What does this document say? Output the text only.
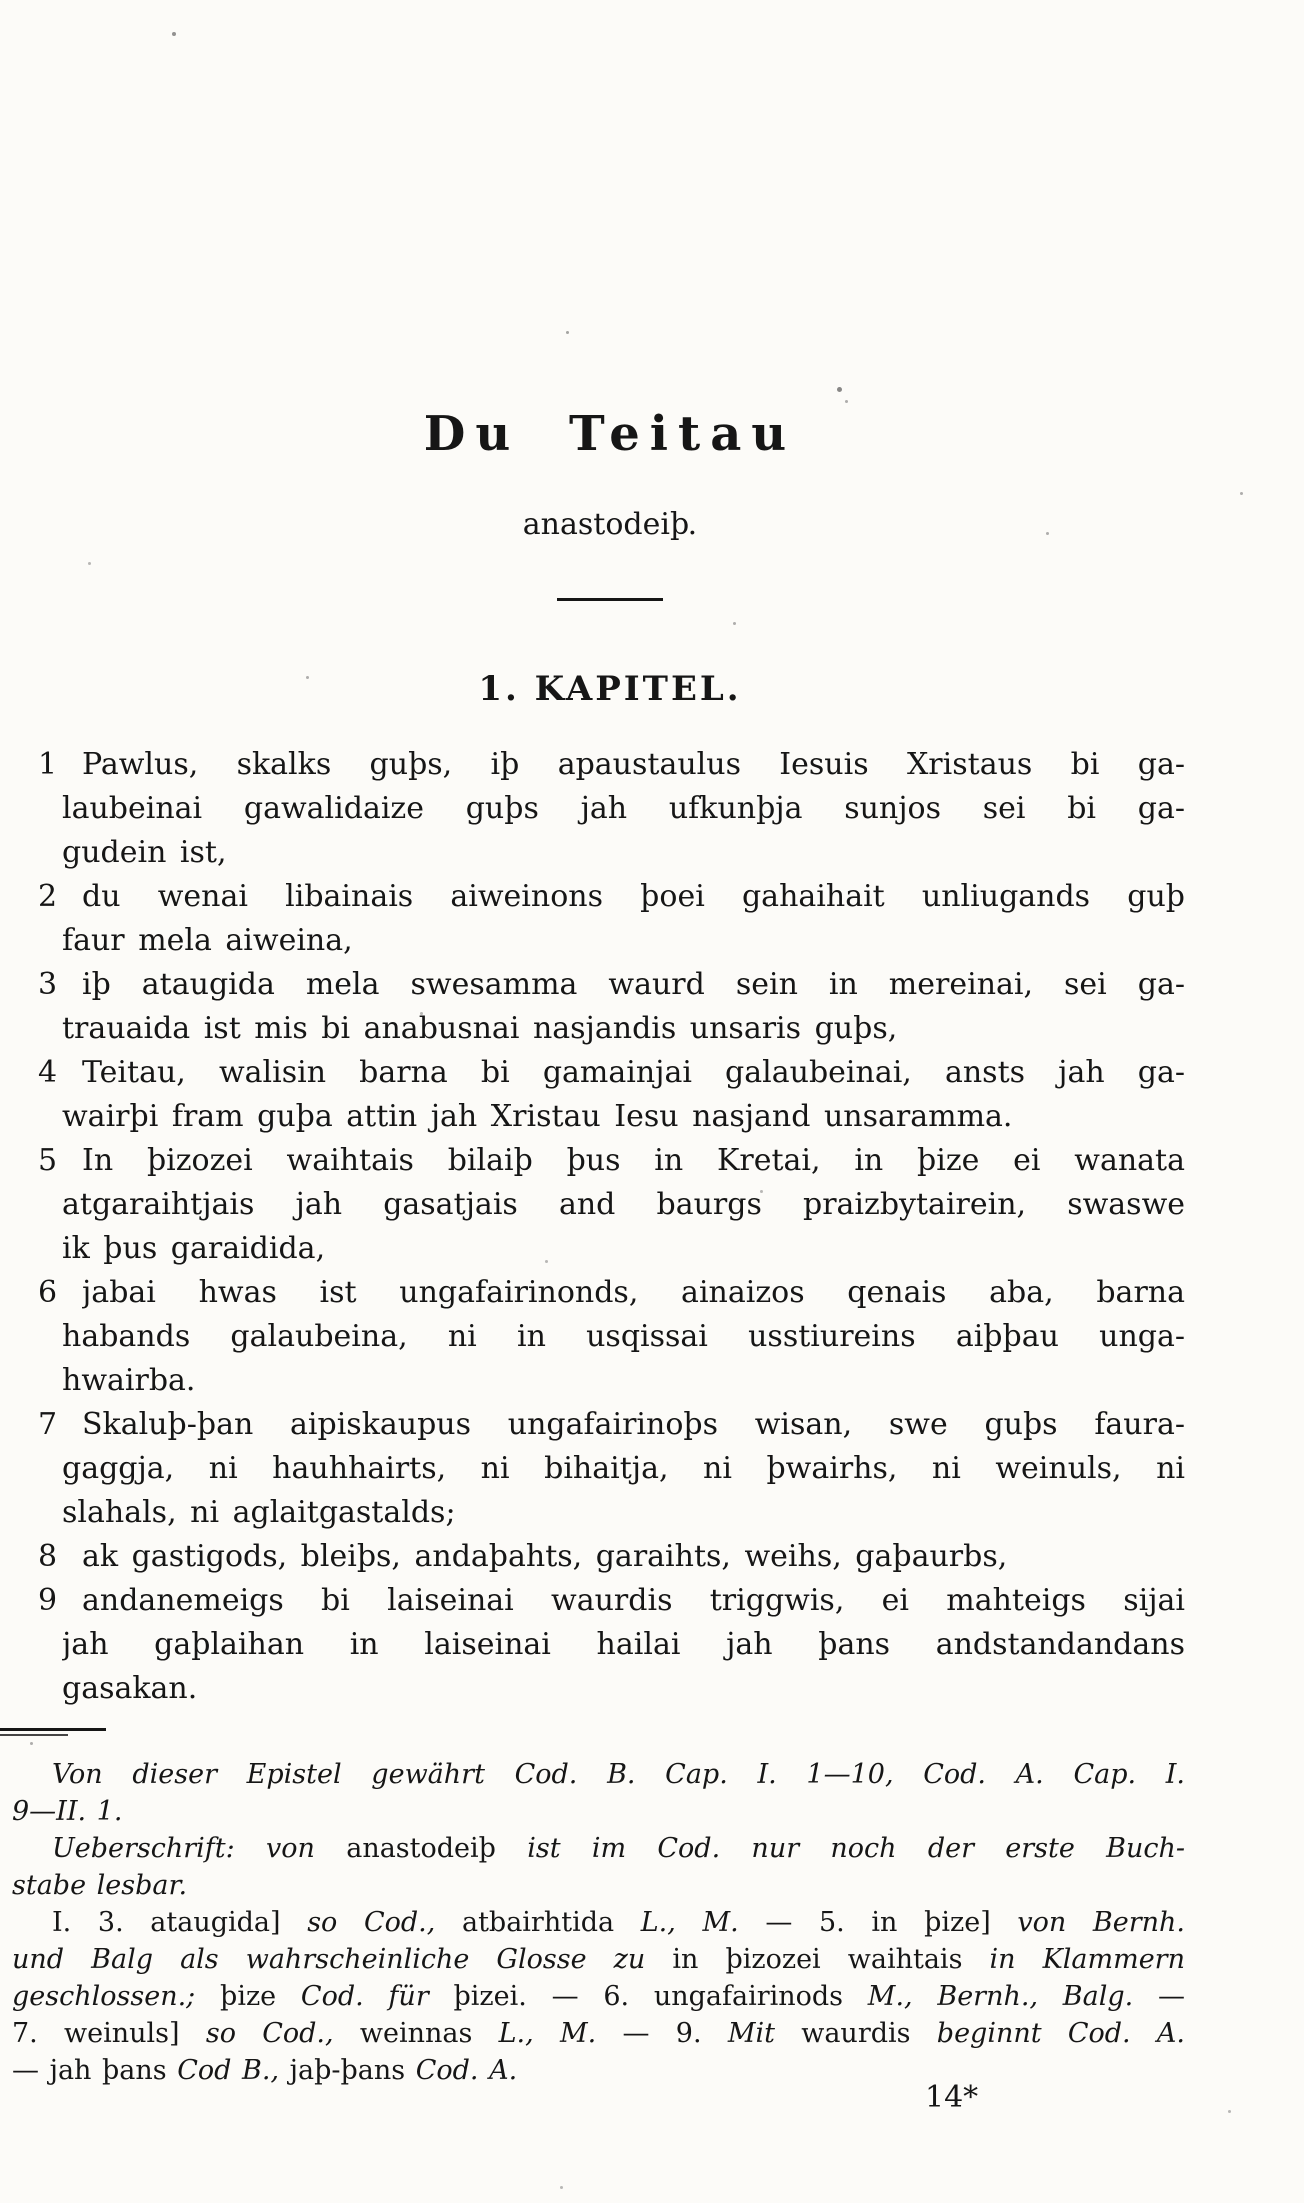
Du Teitau
anastodeiþ.
1. KAPITEL.
1 Pawlus, skalks guþs, iþ apaustaulus Iesuis Xristaus bi ga-
laubeinai gawalidaize guþs jah ufkunþja sunjos sei bi ga-
gudein ist,
2 du wenai libainais aiweinons þoei gahaihait unliugands guþ
faur mela aiweina,
3 iþ ataugida mela swesamma waurd sein in mereinai, sei ga-
trauaida ist mis bi anabusnai nasjandis unsaris guþs,
4 Teitau, walisin barna bi gamainjai galaubeinai, ansts jah ga-
wairþi fram guþa attin jah Xristau Iesu nasjand unsaramma.
5 In þizozei waihtais bilaiþ þus in Kretai, in þize ei wanata
atgaraihtjais jah gasatjais and baurgs praizbytairein, swaswe
ik þus garaidida,
6 jabai hwas ist ungafairinonds, ainaizos qenais aba, barna
habands galaubeina, ni in usqissai usstiureins aiþþau unga-
hwairba.
7 Skaluþ-þan aipiskaupus ungafairinoþs wisan, swe guþs faura-
gaggja, ni hauhhairts, ni bihaitja, ni þwairhs, ni weinuls, ni
slahals, ni aglaitgastalds;
8 ak gastigods, bleiþs, andaþahts, garaihts, weihs, gaþaurbs,
9 andanemeigs bi laiseinai waurdis triggwis, ei mahteigs sijai
jah gaþlaihan in laiseinai hailai jah þans andstandandans
gasakan.
Von dieser Epistel gewährt Cod. B. Cap. I. 1—10, Cod. A. Cap. I.
9—II. 1.
Ueberschrift: von anastodeiþ ist im Cod. nur noch der erste Buch-
stabe lesbar.
I. 3. ataugida] so Cod., atbairhtida L., M. — 5. in þize] von Bernh.
und Balg als wahrscheinliche Glosse zu in þizozei waihtais in Klammern
geschlossen.; þize Cod. für þizei. — 6. ungafairinods M., Bernh., Balg. —
7. weinuls] so Cod., weinnas L., M. — 9. Mit waurdis beginnt Cod. A.
— jah þans Cod B., jaþ-þans Cod. A.
14*
